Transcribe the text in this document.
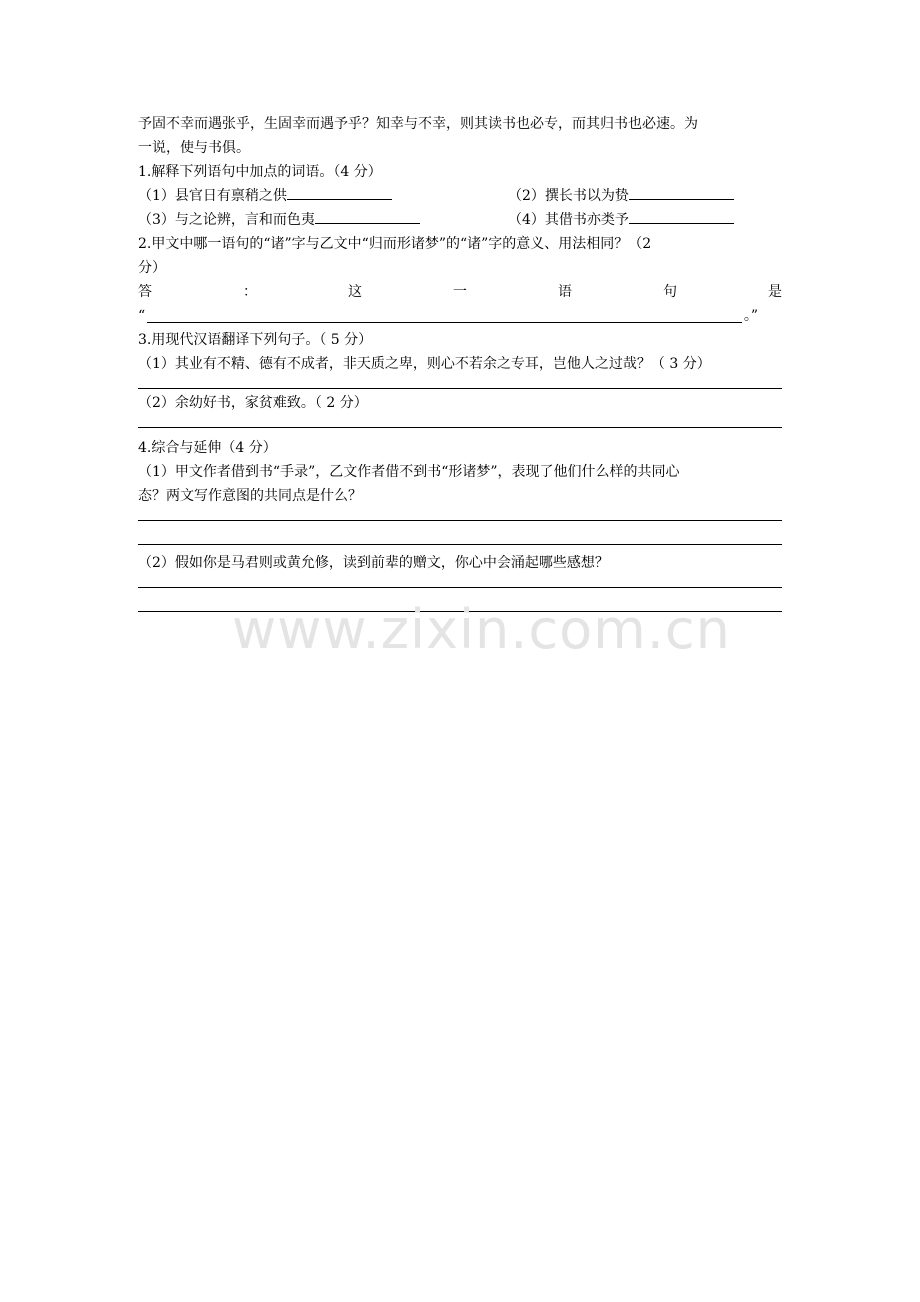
予固不幸而遇张乎，生固幸而遇予乎？知幸与不幸，则其读书也必专，而其归书也必速。为
一说，使与书俱。
1.解释下列语句中加点的词语。（4 分）
（1）县官日有禀稍之供	（2）撰长书以为贽
（3）与之论辨，言和而色夷	（4）其借书亦类予
2.甲文中哪一语句的“诸”字与乙文中“归而形诸梦”的“诸”字的意义、用法相同？（2
分）
答	：	这	一	语	句	是
“	。”
3.用现代汉语翻译下列句子。（ 5 分）
（1）其业有不精、德有不成者，非天质之卑，则心不若余之专耳，岂他人之过哉？（ 3 分）
（2）余幼好书，家贫难致。（ 2 分）
4.综合与延伸（4 分）
（1）甲文作者借到书“手录”，乙文作者借不到书“形诸梦”，表现了他们什么样的共同心
态？两文写作意图的共同点是什么？
（2）假如你是马君则或黄允修，读到前辈的赠文，你心中会涌起哪些感想？
www.zixin.com.cn
